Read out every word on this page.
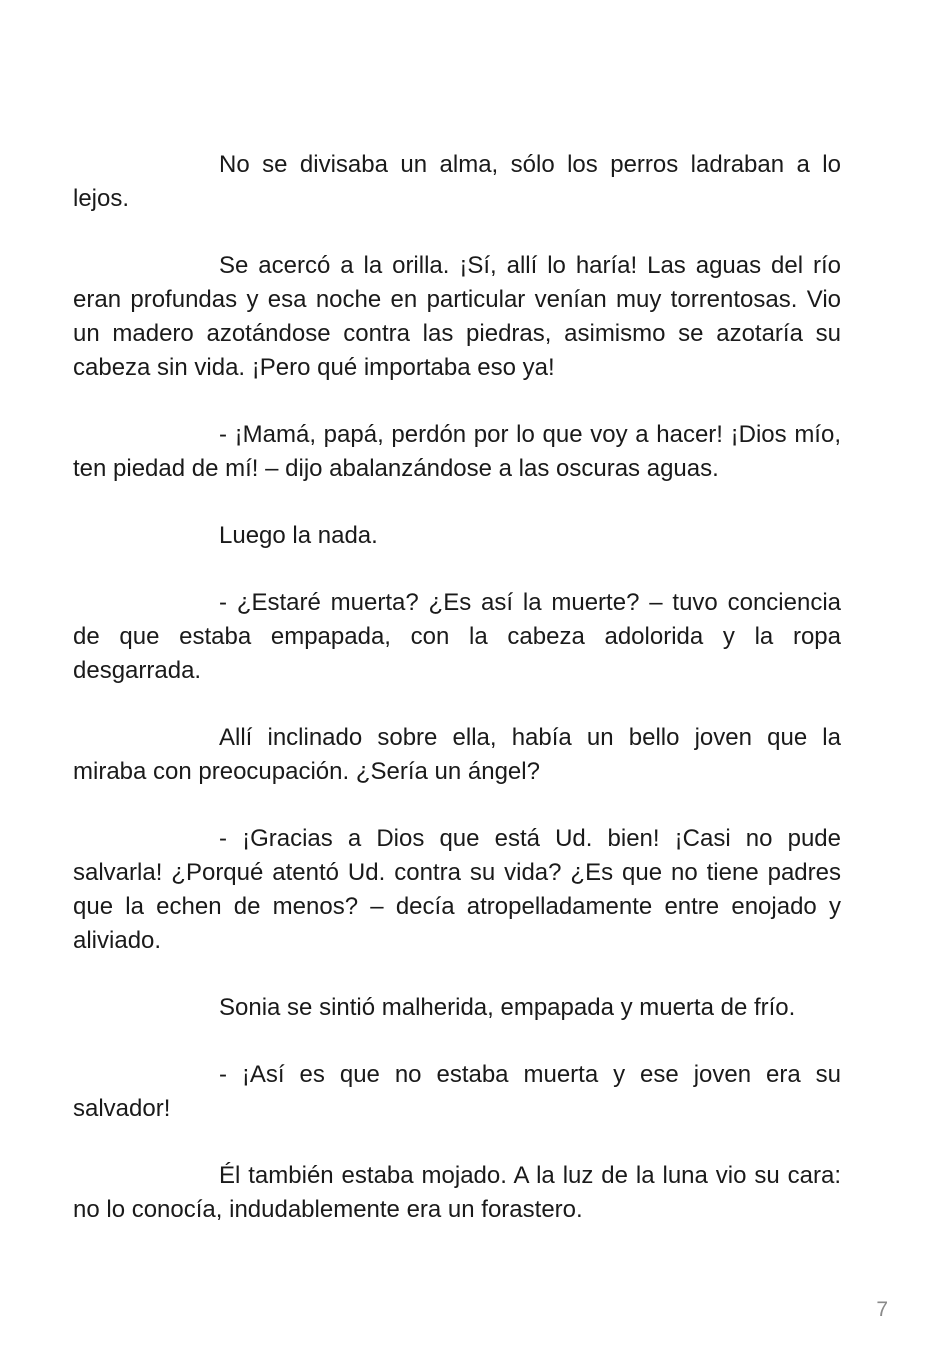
No se divisaba un alma, sólo los perros ladraban a lo lejos.

Se acercó a la orilla. ¡Sí, allí lo haría! Las aguas del río eran profundas y esa noche en particular venían muy torrentosas. Vio un madero azotándose contra las piedras, asimismo se azotaría su cabeza sin vida. ¡Pero qué importaba eso ya!

- ¡Mamá, papá, perdón por lo que voy a hacer! ¡Dios mío, ten piedad de mí! – dijo abalanzándose a las oscuras aguas.

Luego la nada.

- ¿Estaré muerta? ¿Es así la muerte? – tuvo conciencia de que estaba empapada, con la cabeza adolorida y la ropa desgarrada.

Allí inclinado sobre ella, había un bello joven que la miraba con preocupación. ¿Sería un ángel?

- ¡Gracias a Dios que está Ud. bien! ¡Casi no pude salvarla! ¿Porqué atentó Ud. contra su vida? ¿Es que no tiene padres que la echen de menos? – decía atropelladamente entre enojado y aliviado.

Sonia se sintió malherida, empapada y muerta de frío.

- ¡Así es que no estaba muerta y ese joven era su salvador!

Él también estaba mojado. A la luz de la luna vio su cara: no lo conocía, indudablemente era un forastero.

7
